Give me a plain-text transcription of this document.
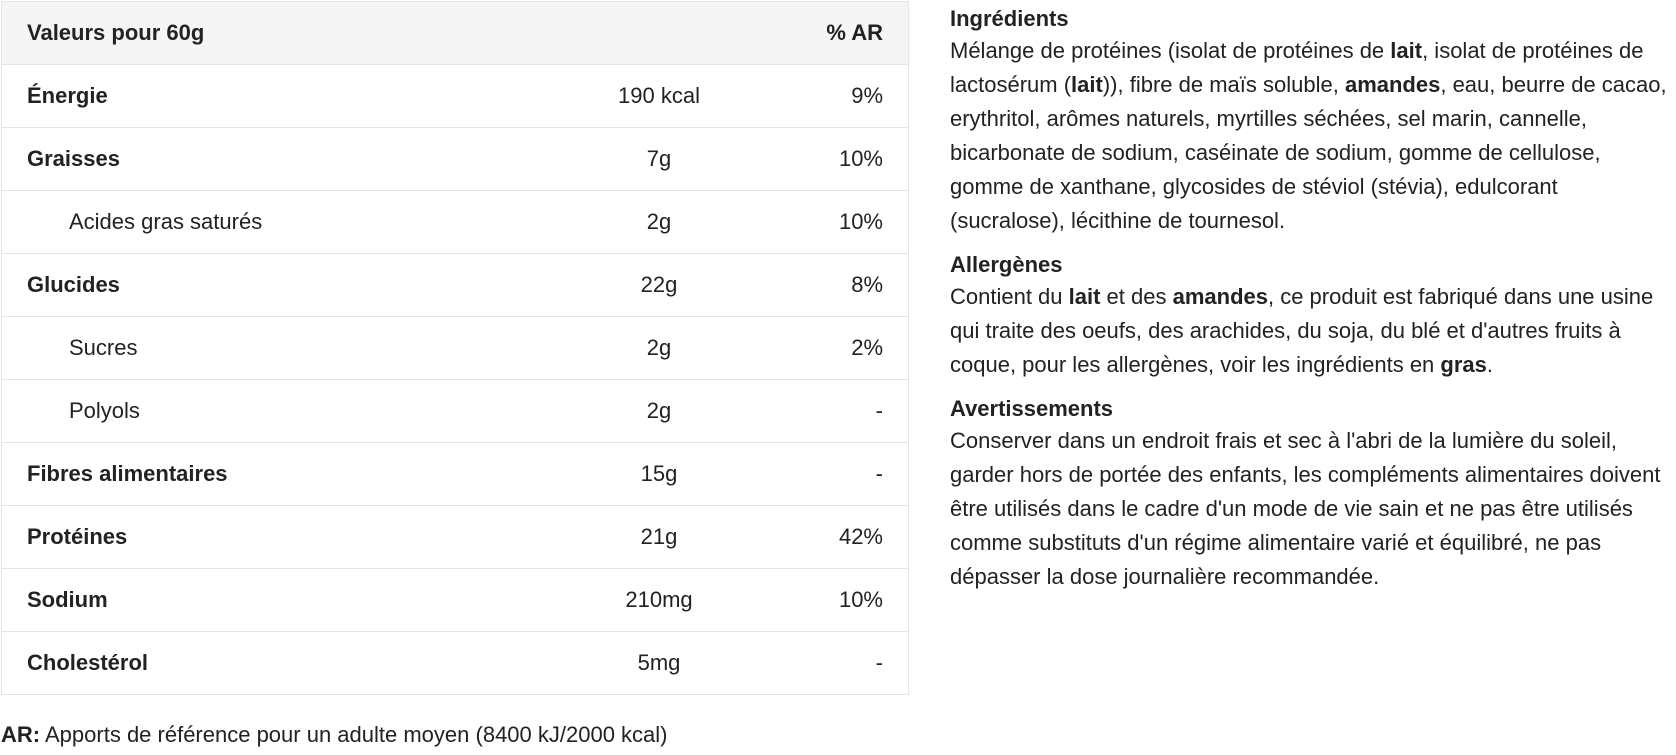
Valeurs pour 60g		% AR
Énergie	190 kcal	9%
Graisses	7g	10%
Acides gras saturés	2g	10%
Glucides	22g	8%
Sucres	2g	2%
Polyols	2g	-
Fibres alimentaires	15g	-
Protéines	21g	42%
Sodium	210mg	10%
Cholestérol	5mg	-
AR: Apports de référence pour un adulte moyen (8400 kJ/2000 kcal)
Ingrédients

Mélange de protéines (isolat de protéines de lait, isolat de protéines de lactosérum (lait)), fibre de maïs soluble, amandes, eau, beurre de cacao, erythritol, arômes naturels, myrtilles séchées, sel marin, cannelle, bicarbonate de sodium, caséinate de sodium, gomme de cellulose, gomme de xanthane, glycosides de stéviol (stévia), edulcorant (sucralose), lécithine de tournesol.

Allergènes

Contient du lait et des amandes, ce produit est fabriqué dans une usine qui traite des oeufs, des arachides, du soja, du blé et d'autres fruits à coque, pour les allergènes, voir les ingrédients en gras.

Avertissements

Conserver dans un endroit frais et sec à l'abri de la lumière du soleil, garder hors de portée des enfants, les compléments alimentaires doivent être utilisés dans le cadre d'un mode de vie sain et ne pas être utilisés comme substituts d'un régime alimentaire varié et équilibré, ne pas dépasser la dose journalière recommandée.
